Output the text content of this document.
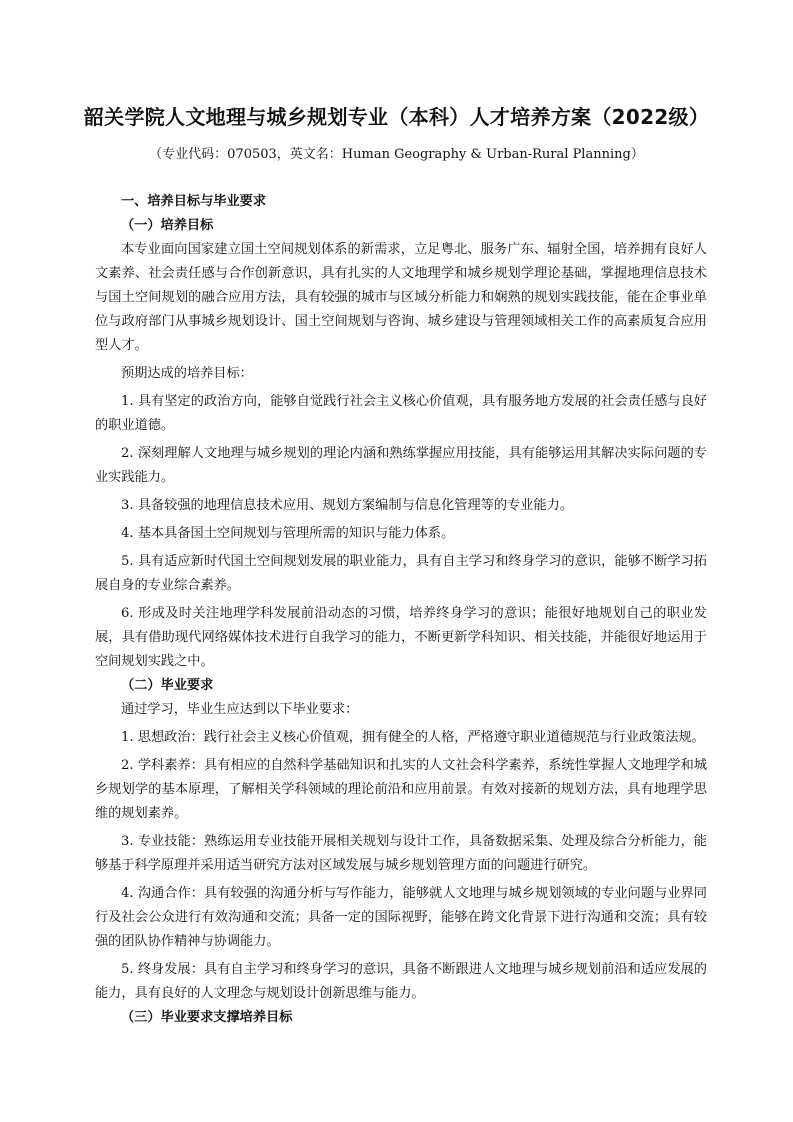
韶关学院人文地理与城乡规划专业（本科）人才培养方案（2022级）
（专业代码：070503，英文名：Human Geography & Urban-Rural Planning）
一、培养目标与毕业要求
（一）培养目标

本专业面向国家建立国土空间规划体系的新需求，立足粤北、服务广东、辐射全国，培养拥有良好人文素养、社会责任感与合作创新意识，具有扎实的人文地理学和城乡规划学理论基础，掌握地理信息技术与国土空间规划的融合应用方法，具有较强的城市与区域分析能力和娴熟的规划实践技能，能在企事业单位与政府部门从事城乡规划设计、国土空间规划与咨询、城乡建设与管理领域相关工作的高素质复合应用型人才。

预期达成的培养目标：

1. 具有坚定的政治方向，能够自觉践行社会主义核心价值观，具有服务地方发展的社会责任感与良好的职业道德。

2. 深刻理解人文地理与城乡规划的理论内涵和熟练掌握应用技能，具有能够运用其解决实际问题的专业实践能力。

3. 具备较强的地理信息技术应用、规划方案编制与信息化管理等的专业能力。

4. 基本具备国土空间规划与管理所需的知识与能力体系。

5. 具有适应新时代国土空间规划发展的职业能力，具有自主学习和终身学习的意识，能够不断学习拓展自身的专业综合素养。

6. 形成及时关注地理学科发展前沿动态的习惯，培养终身学习的意识；能很好地规划自己的职业发展，具有借助现代网络媒体技术进行自我学习的能力，不断更新学科知识、相关技能，并能很好地运用于空间规划实践之中。

（二）毕业要求

通过学习，毕业生应达到以下毕业要求：

1. 思想政治：践行社会主义核心价值观，拥有健全的人格，严格遵守职业道德规范与行业政策法规。

2. 学科素养：具有相应的自然科学基础知识和扎实的人文社会科学素养，系统性掌握人文地理学和城乡规划学的基本原理，了解相关学科领域的理论前沿和应用前景。有效对接新的规划方法，具有地理学思维的规划素养。

3. 专业技能：熟练运用专业技能开展相关规划与设计工作，具备数据采集、处理及综合分析能力，能够基于科学原理并采用适当研究方法对区域发展与城乡规划管理方面的问题进行研究。

4. 沟通合作：具有较强的沟通分析与写作能力，能够就人文地理与城乡规划领域的专业问题与业界同行及社会公众进行有效沟通和交流；具备一定的国际视野，能够在跨文化背景下进行沟通和交流；具有较强的团队协作精神与协调能力。

5. 终身发展：具有自主学习和终身学习的意识，具备不断跟进人文地理与城乡规划前沿和适应发展的能力，具有良好的人文理念与规划设计创新思维与能力。

（三）毕业要求支撑培养目标
